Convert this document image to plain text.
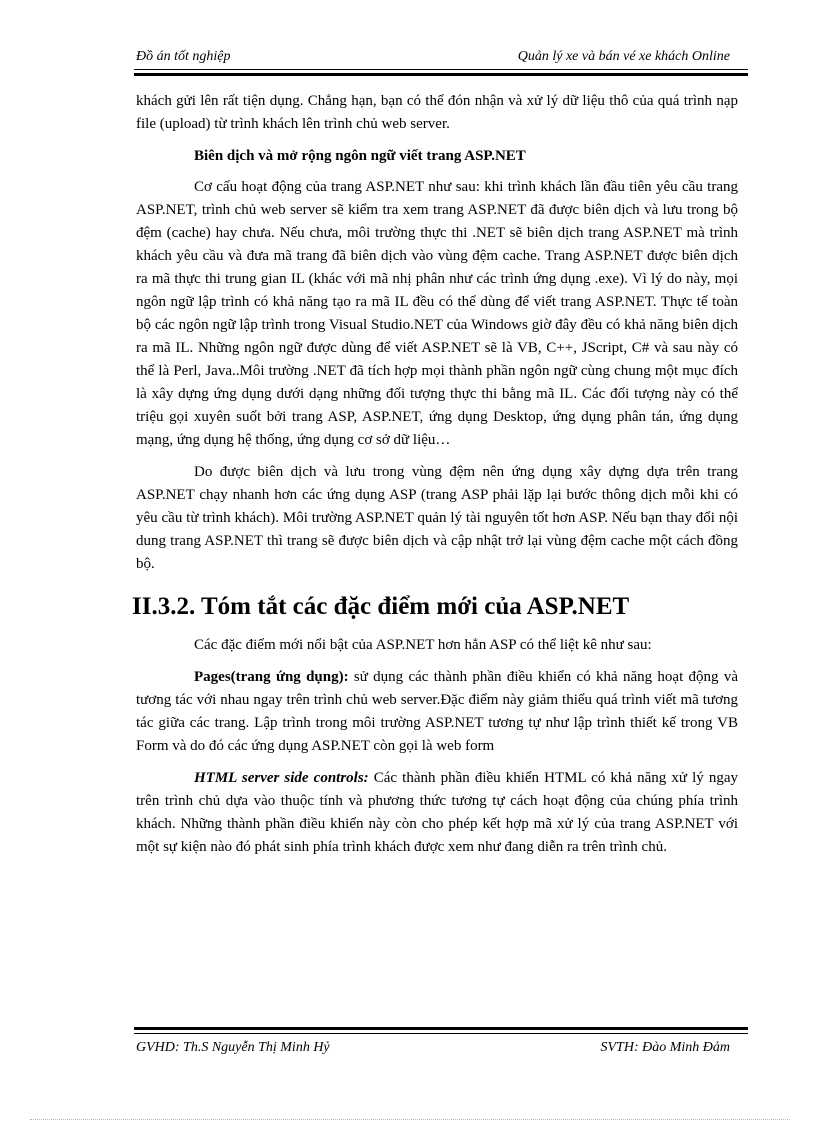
Đồ án tốt nghiệp	Quản lý xe và bán vé xe khách Online

khách gửi lên rất tiện dụng. Chẳng hạn, bạn có thể đón nhận và xử lý dữ liệu thô của quá trình nạp file (upload) từ trình khách lên trình chủ web server.

Biên dịch và mở rộng ngôn ngữ viết trang ASP.NET

Cơ cấu hoạt động của trang ASP.NET như sau: khi trình khách lần đầu tiên yêu cầu trang ASP.NET, trình chủ web server sẽ kiểm tra xem trang ASP.NET đã được biên dịch và lưu trong bộ đệm (cache) hay chưa. Nếu chưa, môi trường thực thi .NET sẽ biên dịch trang ASP.NET mà trình khách yêu cầu và đưa mã trang đã biên dịch vào vùng đệm cache. Trang ASP.NET được biên dịch ra mã thực thi trung gian IL (khác với mã nhị phân như các trình ứng dụng .exe). Vì lý do này, mọi ngôn ngữ lập trình có khả năng tạo ra mã IL đều có thể dùng để viết trang ASP.NET. Thực tế toàn bộ các ngôn ngữ lập trình trong Visual Studio.NET của Windows giờ đây đều có khả năng biên dịch ra mã IL. Những ngôn ngữ được dùng để viết ASP.NET sẽ là VB, C++, JScript, C# và sau này có thể là Perl, Java..Môi trường .NET đã tích hợp mọi thành phần ngôn ngữ cùng chung một mục đích là xây dựng ứng dụng dưới dạng những đối tượng thực thi bằng mã IL. Các đối tượng này có thể triệu gọi xuyên suốt bởi trang ASP, ASP.NET, ứng dụng Desktop, ứng dụng phân tán, ứng dụng mạng, ứng dụng hệ thống, ứng dụng cơ sở dữ liệu…

Do được biên dịch và lưu trong vùng đệm nên ứng dụng xây dựng dựa trên trang ASP.NET chạy nhanh hơn các ứng dụng ASP (trang ASP phải lặp lại bước thông dịch mỗi khi có yêu cầu từ trình khách). Môi trường ASP.NET quản lý tài nguyên tốt hơn ASP. Nếu bạn thay đổi nội dung trang ASP.NET thì trang sẽ được biên dịch và cập nhật trở lại vùng đệm cache một cách đồng bộ.

II.3.2. Tóm tắt các đặc điểm mới của ASP.NET

Các đặc điểm mới nổi bật của ASP.NET hơn hẳn ASP có thể liệt kê như sau:

Pages(trang ứng dụng): sử dụng các thành phần điều khiển có khả năng hoạt động và tương tác với nhau ngay trên trình chủ web server.Đặc điểm này giảm thiểu quá trình viết mã tương tác giữa các trang. Lập trình trong môi trường ASP.NET tương tự như lập trình thiết kế trong VB Form và do đó các ứng dụng ASP.NET còn gọi là web form

HTML server side controls: Các thành phần điều khiển HTML có khả năng xử lý ngay trên trình chủ dựa vào thuộc tính và phương thức tương tự cách hoạt động của chúng phía trình khách. Những thành phần điều khiển này còn cho phép kết hợp mã xử lý của trang ASP.NET với một sự kiện nào đó phát sinh phía trình khách được xem như đang diễn ra trên trình chủ.

GVHD: Th.S Nguyễn Thị Minh Hỷ	SVTH: Đào Minh Đảm
